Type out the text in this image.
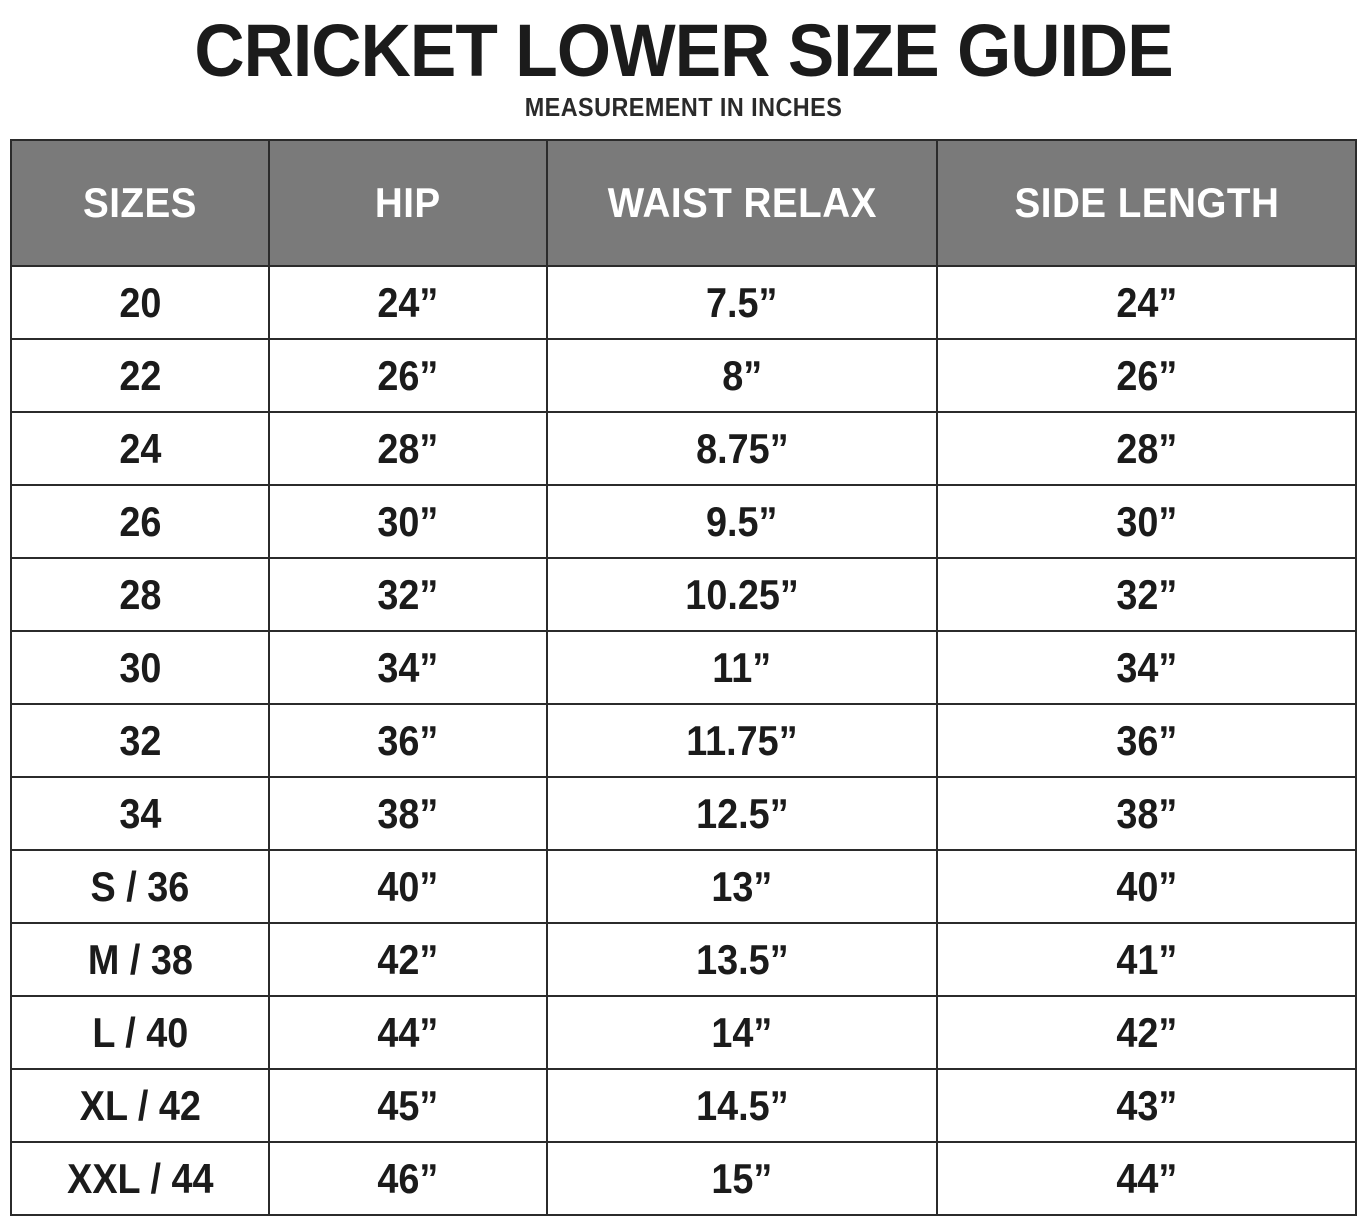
CRICKET LOWER SIZE GUIDE
MEASUREMENT IN INCHES
SIZES	HIP	WAIST RELAX	SIDE LENGTH
20	24”	7.5”	24”
22	26”	8”	26”
24	28”	8.75”	28”
26	30”	9.5”	30”
28	32”	10.25”	32”
30	34”	11”	34”
32	36”	11.75”	36”
34	38”	12.5”	38”
S / 36	40”	13”	40”
M / 38	42”	13.5”	41”
L / 40	44”	14”	42”
XL / 42	45”	14.5”	43”
XXL / 44	46”	15”	44”
